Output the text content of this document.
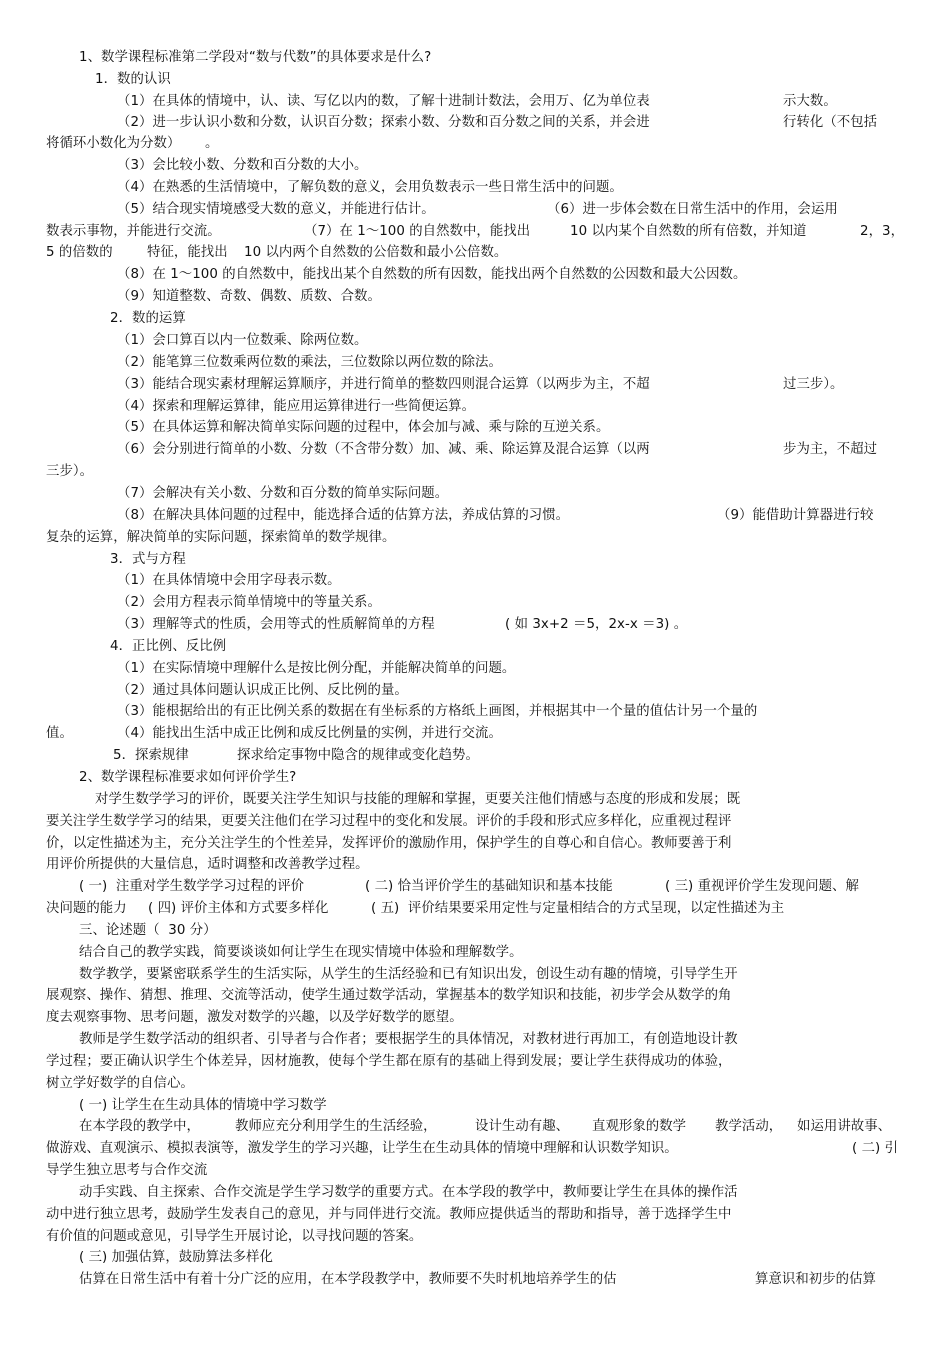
1、数学课程标准第二学段对“数与代数”的具体要求是什么?
1．数的认识
（1）在具体的情境中，认、读、写亿以内的数，了解十进制计数法，会用万、亿为单位表	示大数。
（2）进一步认识小数和分数，认识百分数；探索小数、分数和百分数之间的关系，并会进	行转化（不包括
将循环小数化为分数） 。
（3）会比较小数、分数和百分数的大小。
（4）在熟悉的生活情境中，了解负数的意义，会用负数表示一些日常生活中的问题。
（5）结合现实情境感受大数的意义，并能进行估计。	（6）进一步体会数在日常生活中的作用，会运用
数表示事物，并能进行交流。	（7）在 1～100 的自然数中，能找出	10 以内某个自然数的所有倍数，并知道	2，3，
5 的倍数的	特征，能找出 10 以内两个自然数的公倍数和最小公倍数。
（8）在 1～100 的自然数中，能找出某个自然数的所有因数，能找出两个自然数的公因数和最大公因数。
（9）知道整数、奇数、偶数、质数、合数。
2．数的运算
（1）会口算百以内一位数乘、除两位数。
（2）能笔算三位数乘两位数的乘法，三位数除以两位数的除法。
（3）能结合现实素材理解运算顺序，并进行简单的整数四则混合运算（以两步为主，不超	过三步）。
（4）探索和理解运算律，能应用运算律进行一些简便运算。
（5）在具体运算和解决简单实际问题的过程中，体会加与减、乘与除的互逆关系。
（6）会分别进行简单的小数、分数（不含带分数）加、减、乘、除运算及混合运算（以两	步为主，不超过
三步）。
（7）会解决有关小数、分数和百分数的简单实际问题。
（8）在解决具体问题的过程中，能选择合适的估算方法，养成估算的习惯。	（9）能借助计算器进行较
复杂的运算，解决简单的实际问题，探索简单的数学规律。
3．式与方程
（1）在具体情境中会用字母表示数。
（2）会用方程表示简单情境中的等量关系。
（3）理解等式的性质，会用等式的性质解简单的方程	( 如 3x+2 ＝5，2x-x ＝3) 。
4．正比例、反比例
（1）在实际情境中理解什么是按比例分配，并能解决简单的问题。
（2）通过具体问题认识成正比例、反比例的量。
（3）能根据给出的有正比例关系的数据在有坐标系的方格纸上画图，并根据其中一个量的值估计另一个量的
值。	（4）能找出生活中成正比例和成反比例量的实例，并进行交流。
5．探索规律	探求给定事物中隐含的规律或变化趋势。
2、数学课程标准要求如何评价学生?
对学生数学学习的评价，既要关注学生知识与技能的理解和掌握，更要关注他们情感与态度的形成和发展；既
要关注学生数学学习的结果，更要关注他们在学习过程中的变化和发展。评价的手段和形式应多样化，应重视过程评
价，以定性描述为主，充分关注学生的个性差异，发挥评价的激励作用，保护学生的自尊心和自信心。教师要善于利
用评价所提供的大量信息，适时调整和改善教学过程。
( 一)  注重对学生数学学习过程的评价	( 二) 恰当评价学生的基础知识和基本技能	( 三) 重视评价学生发现问题、解
决问题的能力 ( 四) 评价主体和方式要多样化	( 五)  评价结果要采用定性与定量相结合的方式呈现，以定性描述为主
三、论述题（  30 分）
结合自己的教学实践，简要谈谈如何让学生在现实情境中体验和理解数学。
数学教学，要紧密联系学生的生活实际，从学生的生活经验和已有知识出发，创设生动有趣的情境，引导学生开
展观察、操作、猜想、推理、交流等活动，使学生通过数学活动，掌握基本的数学知识和技能，初步学会从数学的角
度去观察事物、思考问题，激发对数学的兴趣，以及学好数学的愿望。
教师是学生数学活动的组织者、引导者与合作者；要根据学生的具体情况，对教材进行再加工，有创造地设计教
学过程；要正确认识学生个体差异，因材施教，使每个学生都在原有的基础上得到发展；要让学生获得成功的体验，
树立学好数学的自信心。
( 一) 让学生在生动具体的情境中学习数学
在本学段的教学中，	教师应充分利用学生的生活经验，	设计生动有趣、 直观形象的数学 教学活动， 如运用讲故事、
做游戏、直观演示、模拟表演等，激发学生的学习兴趣，让学生在生动具体的情境中理解和认识数学知识。	( 二) 引
导学生独立思考与合作交流
动手实践、自主探索、合作交流是学生学习数学的重要方式。在本学段的教学中，教师要让学生在具体的操作活
动中进行独立思考，鼓励学生发表自己的意见，并与同伴进行交流。教师应提供适当的帮助和指导，善于选择学生中
有价值的问题或意见，引导学生开展讨论，以寻找问题的答案。
( 三) 加强估算，鼓励算法多样化
估算在日常生活中有着十分广泛的应用，在本学段教学中，教师要不失时机地培养学生的估	算意识和初步的估算
